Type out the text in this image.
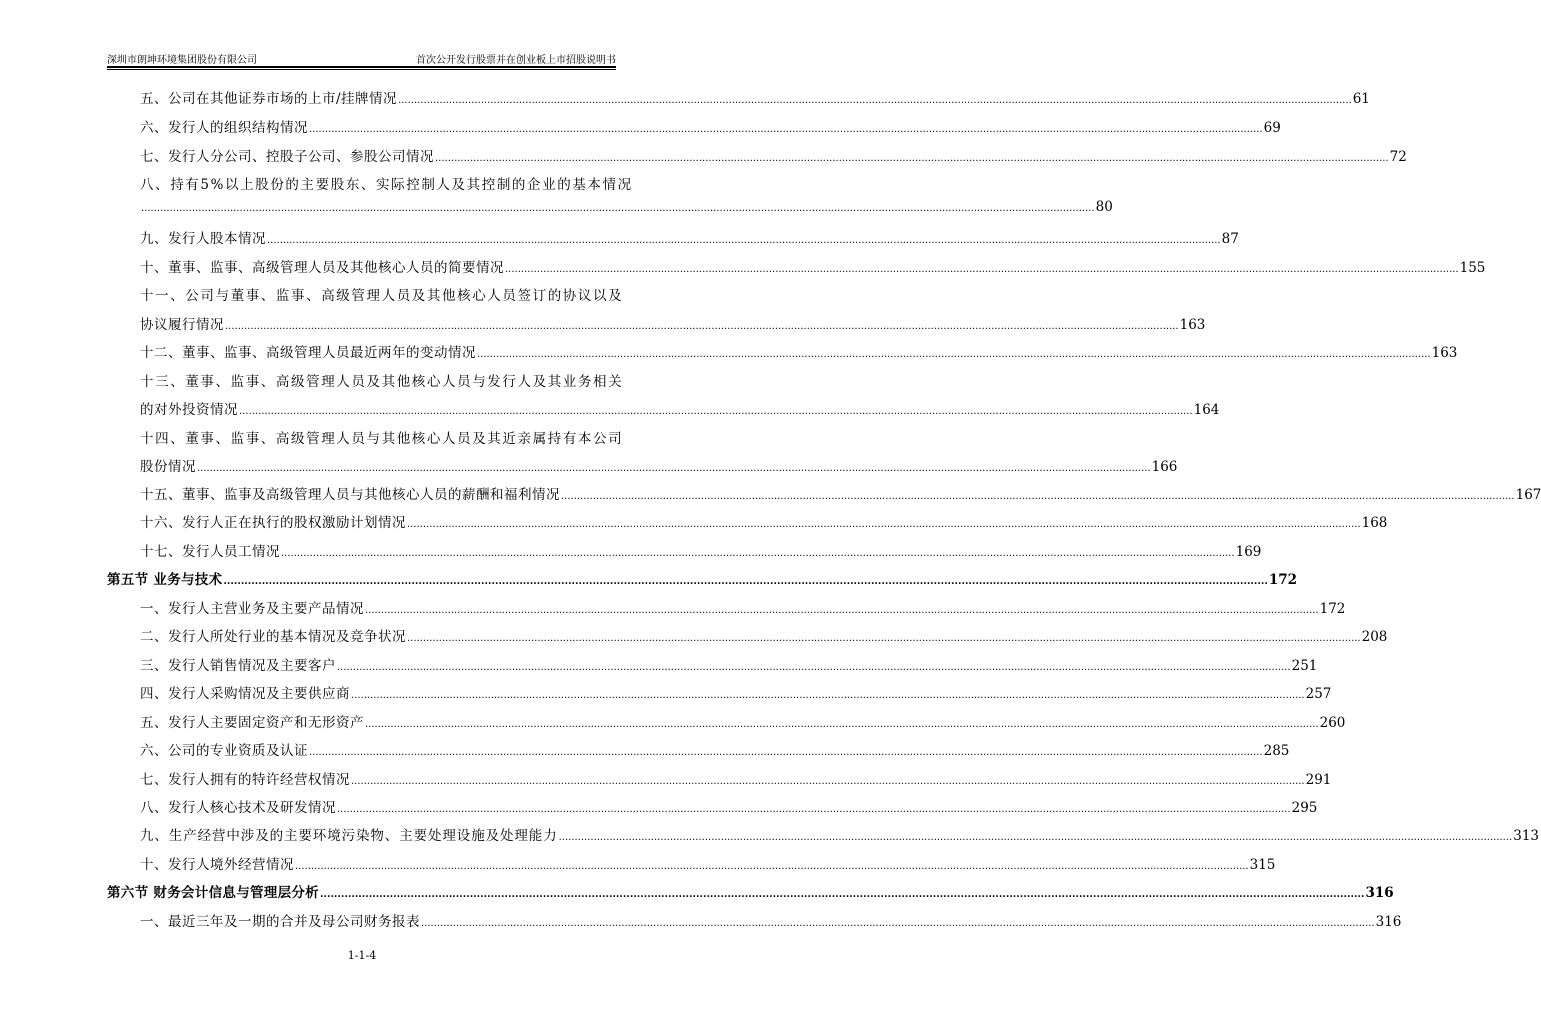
深圳市朗坤环境集团股份有限公司	首次公开发行股票并在创业板上市招股说明书
五、公司在其他证券市场的上市/挂牌情况 ............................................................................................................................................................................................................................................................................................................ 61
六、发行人的组织结构情况 ............................................................................................................................................................................................................................................................................................................ 69
七、发行人分公司、控股子公司、参股公司情况 ............................................................................................................................................................................................................................................................................................................ 72
八、持有5%以上股份的主要股东、实际控制人及其控制的企业的基本情况
............................................................................................................................................................................................................................................................................................................ 80
九、发行人股本情况 ............................................................................................................................................................................................................................................................................................................ 87
十、董事、监事、高级管理人员及其他核心人员的简要情况 ............................................................................................................................................................................................................................................................................................................ 155
十一、公司与董事、监事、高级管理人员及其他核心人员签订的协议以及
协议履行情况 ............................................................................................................................................................................................................................................................................................................ 163
十二、董事、监事、高级管理人员最近两年的变动情况 ............................................................................................................................................................................................................................................................................................................ 163
十三、董事、监事、高级管理人员及其他核心人员与发行人及其业务相关
的对外投资情况 ............................................................................................................................................................................................................................................................................................................ 164
十四、董事、监事、高级管理人员与其他核心人员及其近亲属持有本公司
股份情况 ............................................................................................................................................................................................................................................................................................................ 166
十五、董事、监事及高级管理人员与其他核心人员的薪酬和福利情况 ............................................................................................................................................................................................................................................................................................................ 167
十六、发行人正在执行的股权激励计划情况 ............................................................................................................................................................................................................................................................................................................ 168
十七、发行人员工情况 ............................................................................................................................................................................................................................................................................................................ 169
第五节 业务与技术 ............................................................................................................................................................................................................................................................................................................ 172
一、发行人主营业务及主要产品情况 ............................................................................................................................................................................................................................................................................................................ 172
二、发行人所处行业的基本情况及竞争状况 ............................................................................................................................................................................................................................................................................................................ 208
三、发行人销售情况及主要客户 ............................................................................................................................................................................................................................................................................................................ 251
四、发行人采购情况及主要供应商 ............................................................................................................................................................................................................................................................................................................ 257
五、发行人主要固定资产和无形资产 ............................................................................................................................................................................................................................................................................................................ 260
六、公司的专业资质及认证 ............................................................................................................................................................................................................................................................................................................ 285
七、发行人拥有的特许经营权情况 ............................................................................................................................................................................................................................................................................................................ 291
八、发行人核心技术及研发情况 ............................................................................................................................................................................................................................................................................................................ 295
九、生产经营中涉及的主要环境污染物、主要处理设施及处理能力 ............................................................................................................................................................................................................................................................................................................ 313
十、发行人境外经营情况 ............................................................................................................................................................................................................................................................................................................ 315
第六节 财务会计信息与管理层分析 ............................................................................................................................................................................................................................................................................................................ 316
一、最近三年及一期的合并及母公司财务报表 ............................................................................................................................................................................................................................................................................................................ 316
1-1-4
